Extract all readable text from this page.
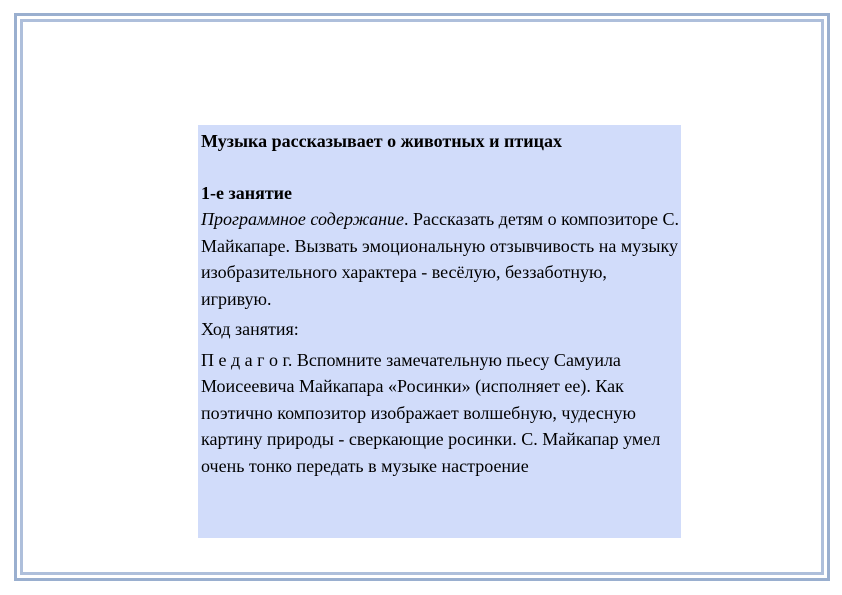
Музыка рассказывает о животных и птицах

1-е занятие

Программное содержание. Рассказать детям о композиторе С. Майкапаре. Вызвать эмоциональную отзывчивость на музыку изобразительного характера - весёлую, беззаботную, игривую.

Ход занятия:

П е д а г о г. Вспомните замечательную пьесу Самуила Моисеевича Майкапара «Росинки» (исполняет ее). Как поэтично композитор изображает волшебную, чудесную картину природы - сверкающие росинки. С. Майкапар умел очень тонко передать в музыке настроение
